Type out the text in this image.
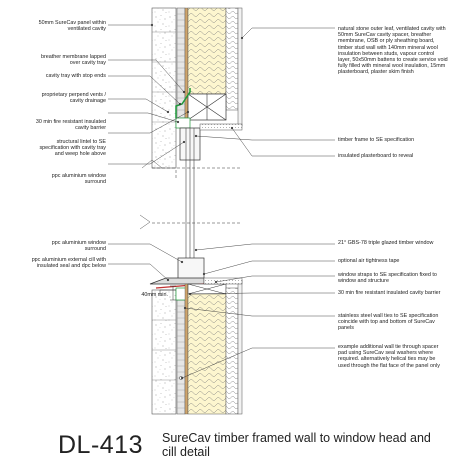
50mm SureCav panel within ventilated cavity
breather membrane lapped over cavity tray
cavity tray with stop ends
proprietary perpend vents / cavity drainage
30 min fire resistant insulated cavity barrier
structural lintel to SE specification with cavity tray and weep hole above
ppc aluminium window surround
natural stone outer leaf, ventilated cavity with 50mm SureCav cavity spacer, breather membrane, OSB or ply sheathing board, timber stud wall with 140mm mineral wool insulation between studs, vapour control layer, 50x50mm battens to create service void fully filled with mineral wool insulation, 15mm plasterboard, plaster skim finish
timber frame to SE specification
insulated plasterboard to reveal
ppc aluminium window surround
ppc aluminium external cill with insulated seal and dpc below
40mm min.
21° GBS-78 triple glazed timber window
optional air tightness tape
window straps to SE specification fixed to window and structure
30 min fire resistant insulated cavity barrier
stainless steel wall ties to SE specification coincide with top and bottom of SureCav panels
example additional wall tie through spacer pad using SureCav seal washers where required. alternatively helical ties may be used through the flat face of the panel only
DL-413 SureCav timber framed wall to window head and cill detail
